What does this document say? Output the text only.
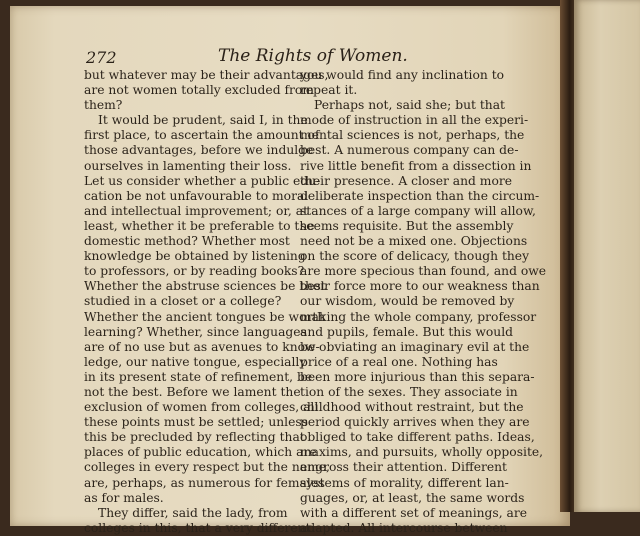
272	The Rights of Women.
but whatever may be their advantages,
are not women totally excluded from
them?
It would be prudent, said I, in the
first place, to ascertain the amount of
those advantages, before we indulge
ourselves in lamenting their loss.
Let us consider whether a public edu-
cation be not unfavourable to moral
and intellectual improvement; or, at
least, whether it be preferable to the
domestic method? Whether most
knowledge be obtained by listening
to professors, or by reading books?
Whether the abstruse sciences be best
studied in a closet or a college?
Whether the ancient tongues be worth
learning? Whether, since languages
are of no use but as avenues to know-
ledge, our native tongue, especially
in its present state of refinement, be
not the best. Before we lament the
exclusion of women from colleges, all
these points must be settled; unless
this be precluded by reflecting that
places of public education, which are
colleges in every respect but the name,
are, perhaps, as numerous for females
as for males.
They differ, said the lady, from
colleges in this, that a very different
you would find any inclination to
repeat it.
Perhaps not, said she; but that
mode of instruction in all the experi-
mental sciences is not, perhaps, the
best. A numerous company can de-
rive little benefit from a dissection in
their presence. A closer and more
deliberate inspection than the circum-
stances of a large company will allow,
seems requisite. But the assembly
need not be a mixed one. Objections
on the score of delicacy, though they
are more specious than found, and owe
their force more to our weakness than
our wisdom, would be removed by
making the whole company, professor
and pupils, female. But this would
be obviating an imaginary evil at the
price of a real one. Nothing has
been more injurious than this separa-
tion of the sexes. They associate in
childhood without restraint, but the
period quickly arrives when they are
obliged to take different paths. Ideas,
maxims, and pursuits, wholly opposite,
engross their attention. Different
systems of morality, different lan-
guages, or, at least, the same words
with a different set of meanings, are
adapted. All intercourse between
